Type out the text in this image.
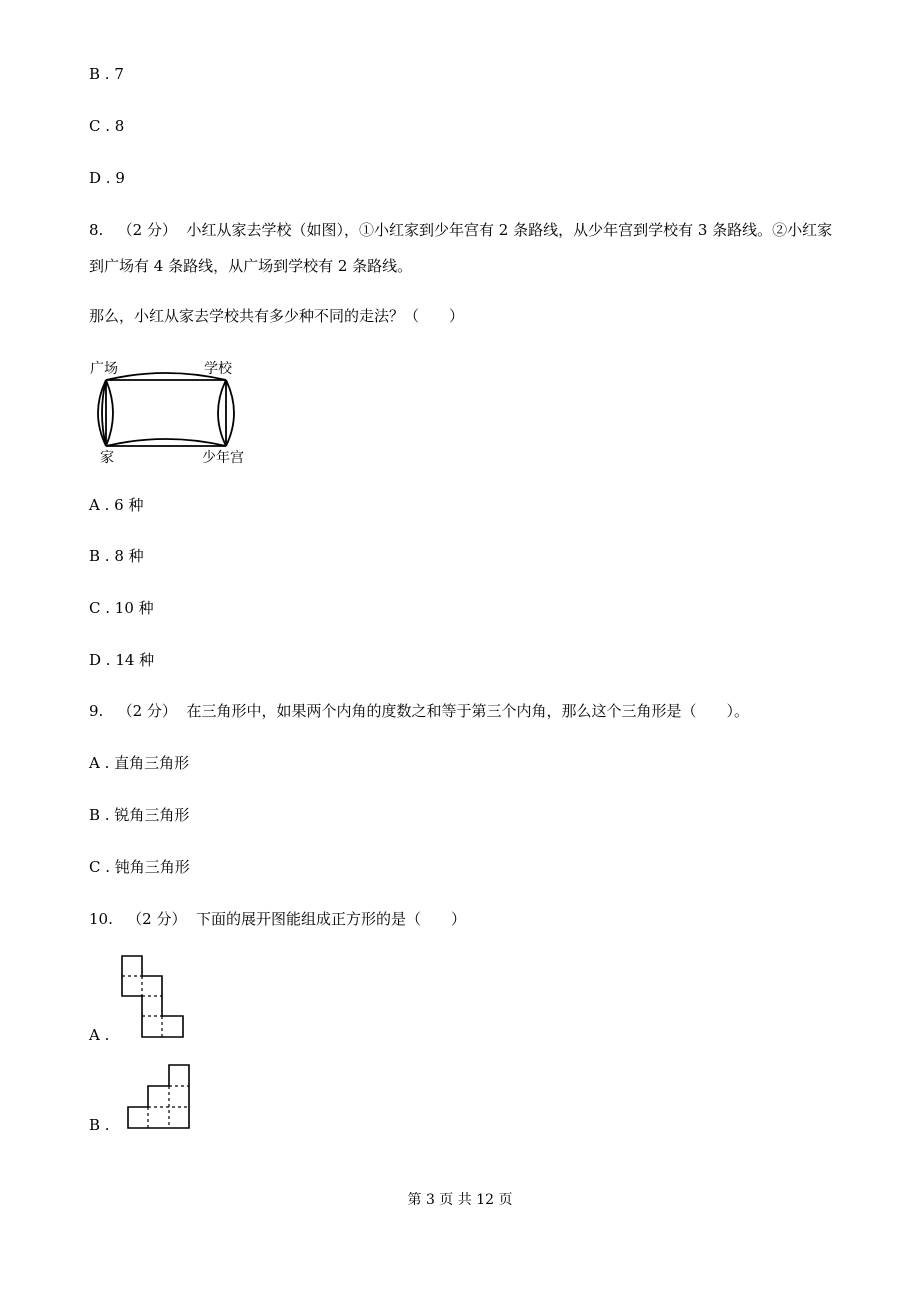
B . 7
C . 8
D . 9
8. （2 分） 小红从家去学校（如图），①小红家到少年宫有 2 条路线，从少年宫到学校有 3 条路线。②小红家
到广场有 4 条路线，从广场到学校有 2 条路线。
那么，小红从家去学校共有多少种不同的走法？（　　）
广场	学校
家	少年宫
A . 6 种
B . 8 种
C . 10 种
D . 14 种
9. （2 分） 在三角形中，如果两个内角的度数之和等于第三个内角，那么这个三角形是（　　）。
A . 直角三角形
B . 锐角三角形
C . 钝角三角形
10. （2 分） 下面的展开图能组成正方形的是（　　）
A .
B .
第 3 页 共 12 页
